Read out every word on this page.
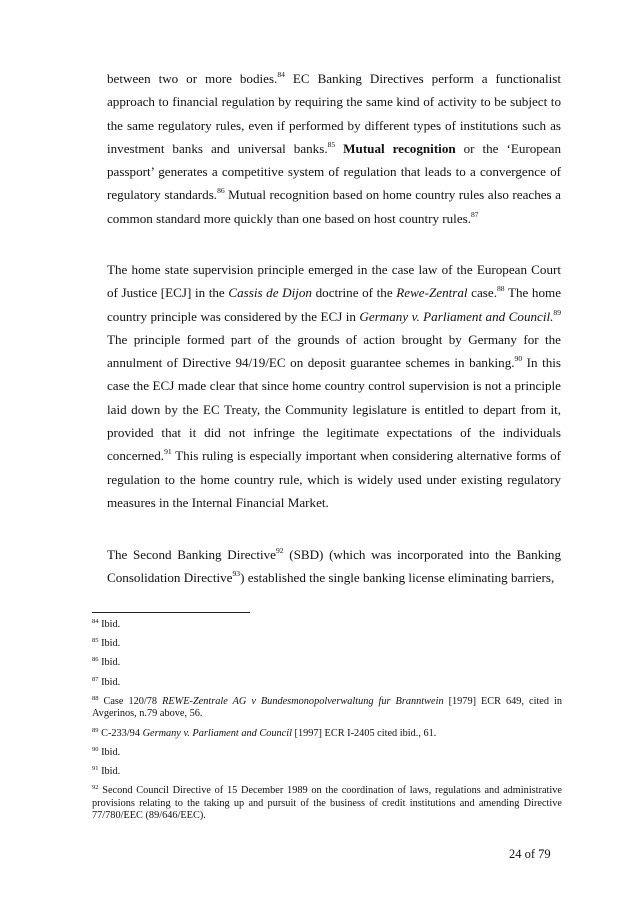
between two or more bodies.$^{84}$ EC Banking Directives perform a functionalist approach to financial regulation by requiring the same kind of activity to be subject to the same regulatory rules, even if performed by different types of institutions such as investment banks and universal banks.$^{85}$ Mutual recognition or the ‘European passport’ generates a competitive system of regulation that leads to a convergence of regulatory standards.$^{86}$ Mutual recognition based on home country rules also reaches a common standard more quickly than one based on host country rules.$^{87}$

The home state supervision principle emerged in the case law of the European Court of Justice [ECJ] in the Cassis de Dijon doctrine of the Rewe-Zentral case.$^{88}$ The home country principle was considered by the ECJ in Germany v. Parliament and Council.$^{89}$ The principle formed part of the grounds of action brought by Germany for the annulment of Directive 94/19/EC on deposit guarantee schemes in banking.$^{90}$ In this case the ECJ made clear that since home country control supervision is not a principle laid down by the EC Treaty, the Community legislature is entitled to depart from it, provided that it did not infringe the legitimate expectations of the individuals concerned.$^{91}$ This ruling is especially important when considering alternative forms of regulation to the home country rule, which is widely used under existing regulatory measures in the Internal Financial Market.

The Second Banking Directive$^{92}$ (SBD) (which was incorporated into the Banking Consolidation Directive$^{93}$) established the single banking license eliminating barriers,

$^{84}$ Ibid.

$^{85}$ Ibid.

$^{86}$ Ibid.

$^{87}$ Ibid.

$^{88}$ Case 120/78 REWE-Zentrale AG v Bundesmonopolverwaltung fur Branntwein [1979] ECR 649, cited in Avgerinos, n.79 above, 56.

$^{89}$ C-233/94 Germany v. Parliament and Council [1997] ECR I-2405 cited ibid., 61.

$^{90}$ Ibid.

$^{91}$ Ibid.

$^{92}$ Second Council Directive of 15 December 1989 on the coordination of laws, regulations and administrative provisions relating to the taking up and pursuit of the business of credit institutions and amending Directive 77/780/EEC (89/646/EEC).

24 of 79
